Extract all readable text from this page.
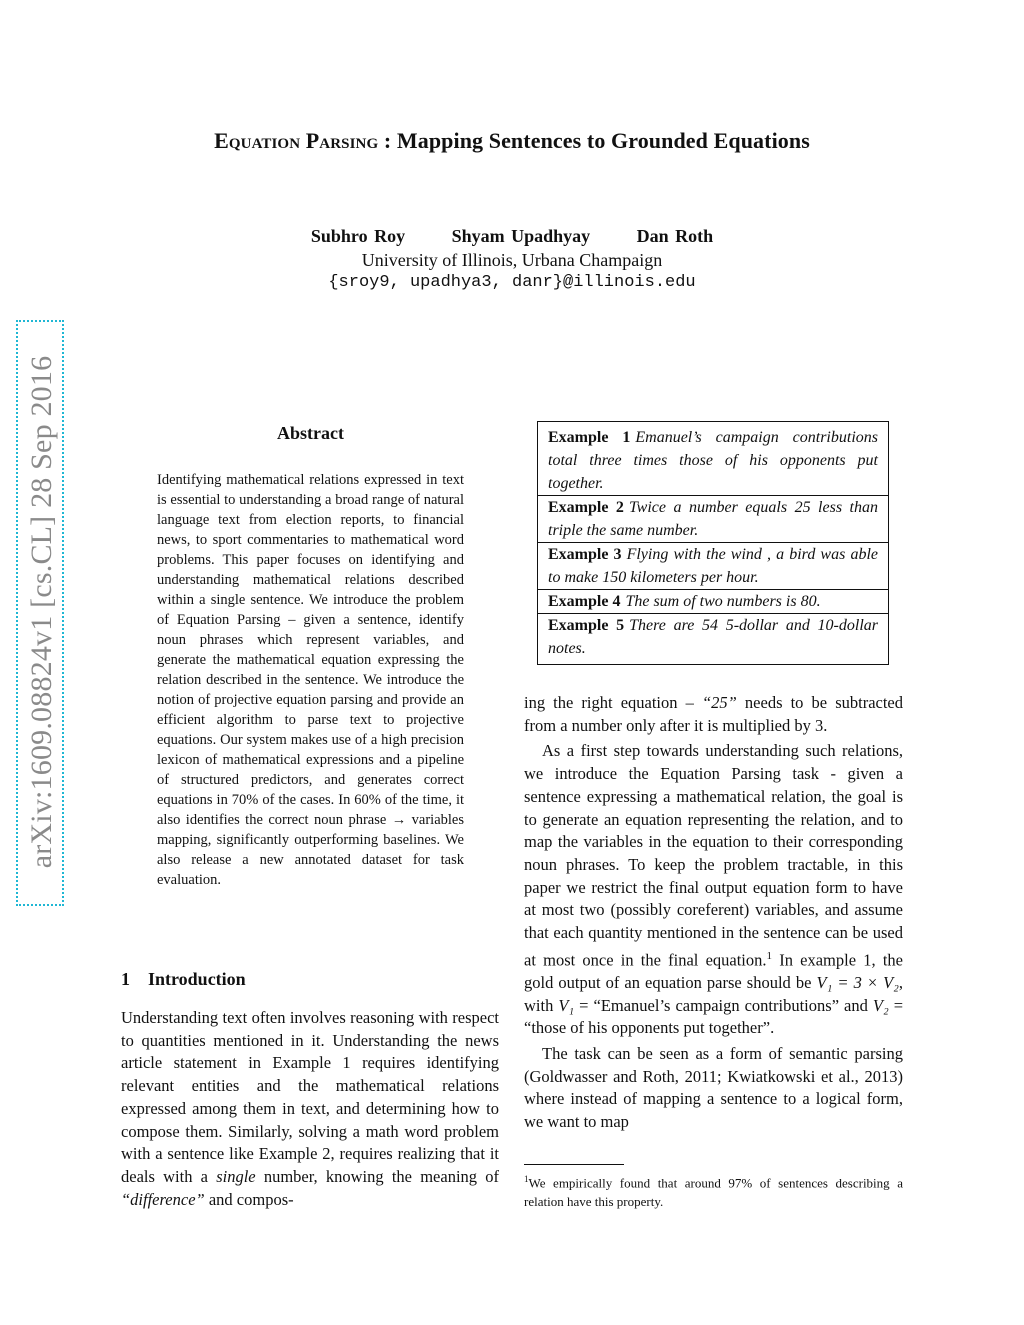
Equation Parsing : Mapping Sentences to Grounded Equations
Subhro Roy	Shyam Upadhyay	Dan Roth
University of Illinois, Urbana Champaign
{sroy9, upadhya3, danr}@illinois.edu
arXiv:1609.08824v1 [cs.CL] 28 Sep 2016	Abstract
Identifying mathematical relations expressed in text is essential to understanding a broad range of natural language text from election reports, to financial news, to sport commentaries to mathematical word problems. This paper focuses on identifying and understanding mathematical relations described within a single sentence. We introduce the problem of Equation Parsing – given a sentence, identify noun phrases which represent variables, and generate the mathematical equation expressing the relation described in the sentence. We introduce the notion of projective equation parsing and provide an efficient algorithm to parse text to projective equations. Our system makes use of a high precision lexicon of mathematical expressions and a pipeline of structured predictors, and generates correct equations in 70% of the cases. In 60% of the time, it also identifies the correct noun phrase → variables mapping, significantly outperforming baselines. We also release a new annotated dataset for task evaluation.
1 Introduction

Understanding text often involves reasoning with respect to quantities mentioned in it. Understanding the news article statement in Example 1 requires identifying relevant entities and the mathematical relations expressed among them in text, and determining how to compose them. Similarly, solving a math word problem with a sentence like Example 2, requires realizing that it deals with a single number, knowing the meaning of “difference” and compos-

Example 1 Emanuel’s campaign contributions total three times those of his opponents put together.
Example 2 Twice a number equals 25 less than triple the same number.
Example 3 Flying with the wind , a bird was able to make 150 kilometers per hour.
Example 4 The sum of two numbers is 80.
Example 5 There are 54 5-dollar and 10-dollar notes.

ing the right equation – “25” needs to be subtracted from a number only after it is multiplied by 3.

As a first step towards understanding such relations, we introduce the Equation Parsing task - given a sentence expressing a mathematical relation, the goal is to generate an equation representing the relation, and to map the variables in the equation to their corresponding noun phrases. To keep the problem tractable, in this paper we restrict the final output equation form to have at most two (possibly coreferent) variables, and assume that each quantity mentioned in the sentence can be used at most once in the final equation.$^1$ In example 1, the gold output of an equation parse should be V₁ = 3 × V₂, with V₁ = “Emanuel’s campaign contributions” and V₂ = “those of his opponents put together”.

The task can be seen as a form of semantic parsing (Goldwasser and Roth, 2011; Kwiatkowski et al., 2013) where instead of mapping a sentence to a logical form, we want to map

$^1$We empirically found that around 97% of sentences describing a relation have this property.
